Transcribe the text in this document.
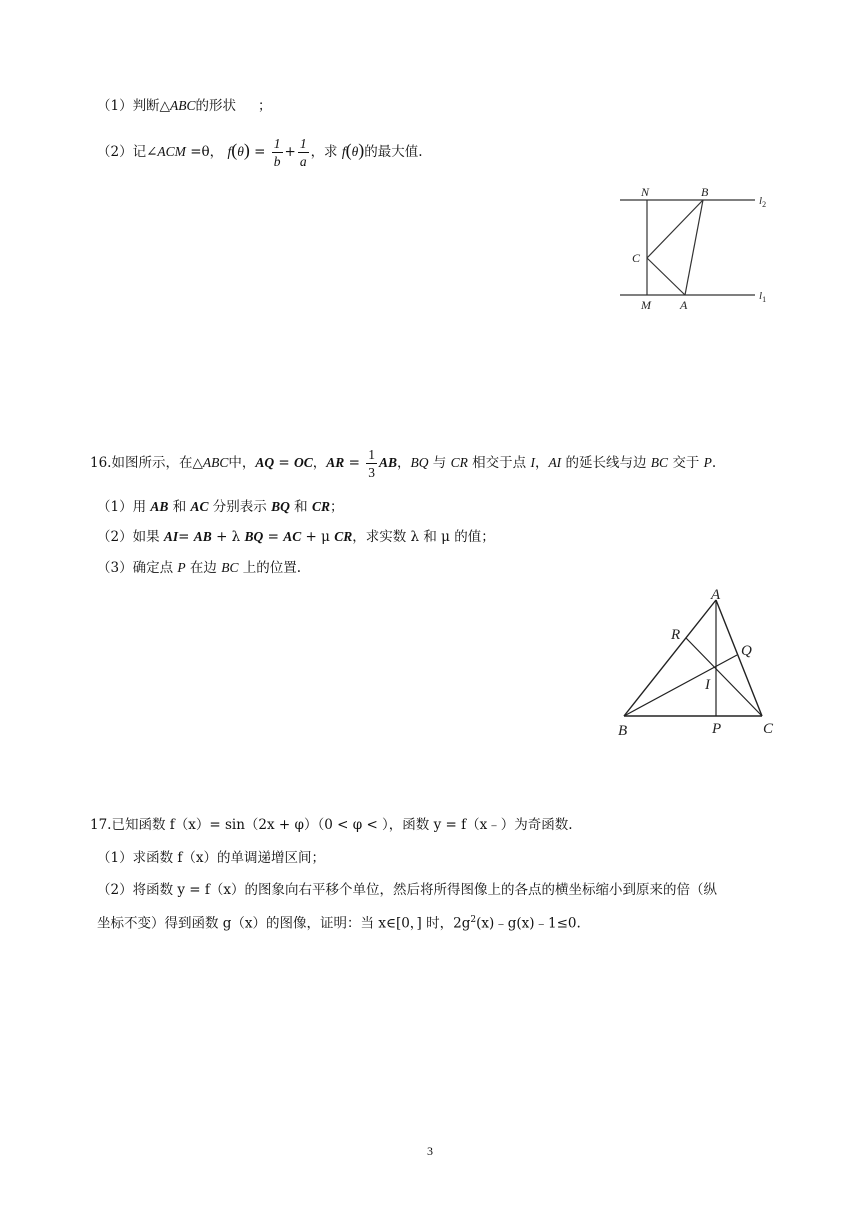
（1）判断△ABC的形状 ；
（2）记∠ACM =θ， $f(\theta) = \frac{1}{b} + \frac{1}{a}$ ，求 f(θ)的最大值.
N	B
$l_2$
C
M A
$l_1$
16.如图所示，在△ABC中，AQ = OC，AR = $\frac{1}{3}$ AB，BQ 与 CR 相交于点 I，AI 的延长线与边 BC 交于 P.
（1）用 AB 和 AC 分别表示 BQ 和 CR；
（2）如果 AI= AB + λ BQ = AC + μ CR，求实数 λ 和 μ 的值；
（3）确定点 P 在边 BC 上的位置.
A
R
Q
I
B	P	C
17.已知函数 f（x）= sin（2x + φ）（0 < φ < ），函数 y = f（x﹣）为奇函数.
（1）求函数 f（x）的单调递增区间；
（2）将函数 y = f（x）的图象向右平移个单位，然后将所得图像上的各点的横坐标缩小到原来的倍（纵
坐标不变）得到函数 g（x）的图像，证明：当 x∈[0，] 时，$2g^2(x)﹣g(x)﹣1\le 0$.
3
